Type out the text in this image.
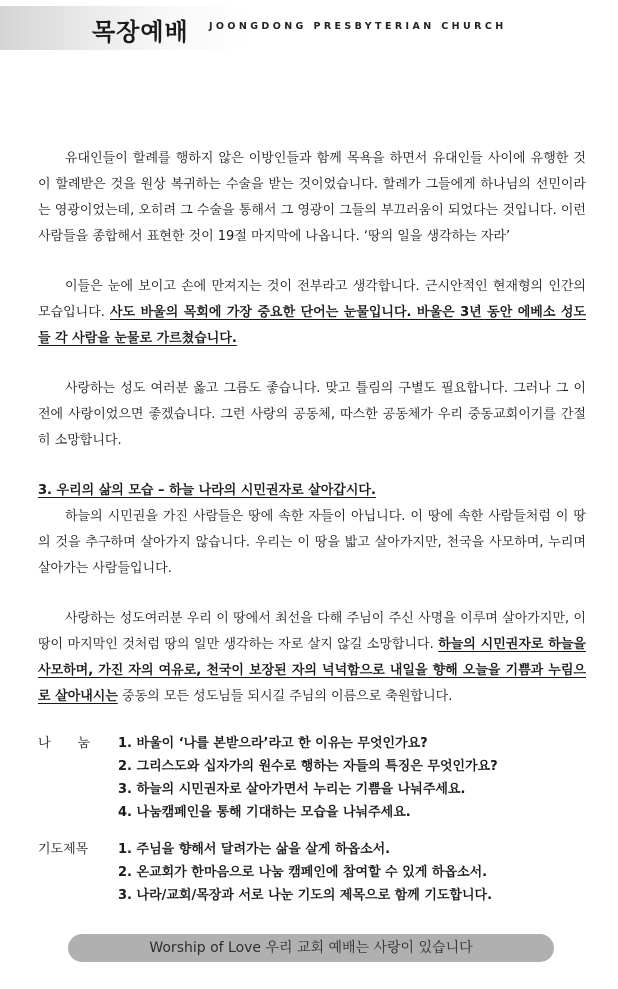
목장예배 JOONGDONG PRESBYTERIAN CHURCH

유대인들이 할례를 행하지 않은 이방인들과 함께 목욕을 하면서 유대인들 사이에 유행한 것이 할례받은 것을 원상 복귀하는 수술을 받는 것이었습니다. 할례가 그들에게 하나님의 선민이라는 영광이었는데, 오히려 그 수술을 통해서 그 영광이 그들의 부끄러움이 되었다는 것입니다. 이런 사람들을 종합해서 표현한 것이 19절 마지막에 나옵니다. ‘땅의 일을 생각하는 자라’

이들은 눈에 보이고 손에 만져지는 것이 전부라고 생각합니다. 근시안적인 현재형의 인간의 모습입니다. 사도 바울의 목회에 가장 중요한 단어는 눈물입니다. 바울은 3년 동안 에베소 성도들 각 사람을 눈물로 가르쳤습니다.

사랑하는 성도 여러분 옳고 그름도 좋습니다. 맞고 틀림의 구별도 필요합니다. 그러나 그 이전에 사랑이었으면 좋겠습니다. 그런 사랑의 공동체, 따스한 공동체가 우리 중동교회이기를 간절히 소망합니다.

3. 우리의 삶의 모습 – 하늘 나라의 시민권자로 살아갑시다.

하늘의 시민권을 가진 사람들은 땅에 속한 자들이 아닙니다. 이 땅에 속한 사람들처럼 이 땅의 것을 추구하며 살아가지 않습니다. 우리는 이 땅을 밟고 살아가지만, 천국을 사모하며, 누리며 살아가는 사람들입니다.

사랑하는 성도여러분 우리 이 땅에서 최선을 다해 주님이 주신 사명을 이루며 살아가지만, 이 땅이 마지막인 것처럼 땅의 일만 생각하는 자로 살지 않길 소망합니다. 하늘의 시민권자로 하늘을 사모하며, 가진 자의 여유로, 천국이 보장된 자의 넉넉함으로 내일을 향해 오늘을 기쁨과 누림으로 살아내시는 중동의 모든 성도님들 되시길 주님의 이름으로 축원합니다.

나눔 1. 바울이 ‘나를 본받으라’라고 한 이유는 무엇인가요?
2. 그리스도와 십자가의 원수로 행하는 자들의 특징은 무엇인가요?
3. 하늘의 시민권자로 살아가면서 누리는 기쁨을 나눠주세요.
4. 나눔캠페인을 통해 기대하는 모습을 나눠주세요.
기도제목	1. 주님을 향해서 달려가는 삶을 살게 하옵소서.
2. 온교회가 한마음으로 나눔 캠페인에 참여할 수 있게 하옵소서.
3. 나라/교회/목장과 서로 나눈 기도의 제목으로 함께 기도합니다.
Worship of Love 우리 교회 예배는 사랑이 있습니다
